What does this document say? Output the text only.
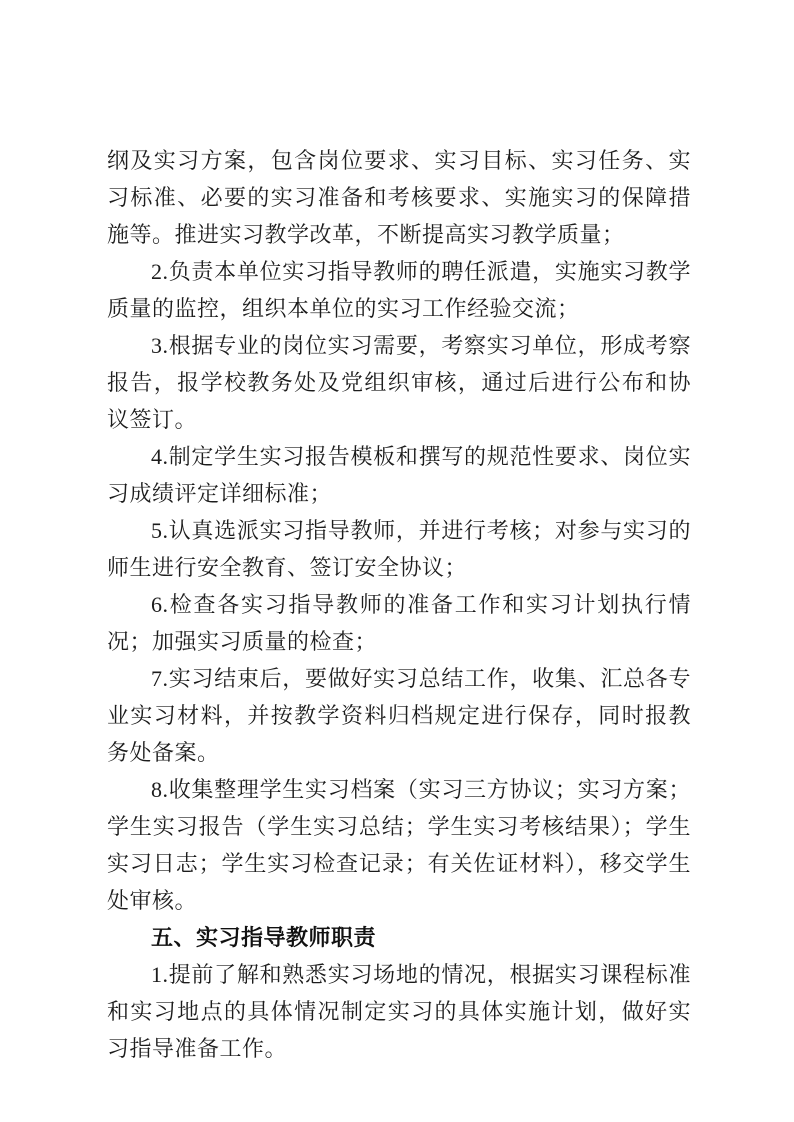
纲及实习方案，包含岗位要求、实习目标、实习任务、实习标准、必要的实习准备和考核要求、实施实习的保障措施等。推进实习教学改革，不断提高实习教学质量；

2.负责本单位实习指导教师的聘任派遣，实施实习教学质量的监控，组织本单位的实习工作经验交流；

3.根据专业的岗位实习需要，考察实习单位，形成考察报告，报学校教务处及党组织审核，通过后进行公布和协议签订。

4.制定学生实习报告模板和撰写的规范性要求、岗位实习成绩评定详细标准；

5.认真选派实习指导教师，并进行考核；对参与实习的师生进行安全教育、签订安全协议；

6.检查各实习指导教师的准备工作和实习计划执行情况；加强实习质量的检查；

7.实习结束后，要做好实习总结工作，收集、汇总各专业实习材料，并按教学资料归档规定进行保存，同时报教务处备案。

8.收集整理学生实习档案（实习三方协议；实习方案；学生实习报告（学生实习总结；学生实习考核结果）；学生实习日志；学生实习检查记录；有关佐证材料），移交学生处审核。

五、实习指导教师职责

1.提前了解和熟悉实习场地的情况，根据实习课程标准和实习地点的具体情况制定实习的具体实施计划，做好实习指导准备工作。
